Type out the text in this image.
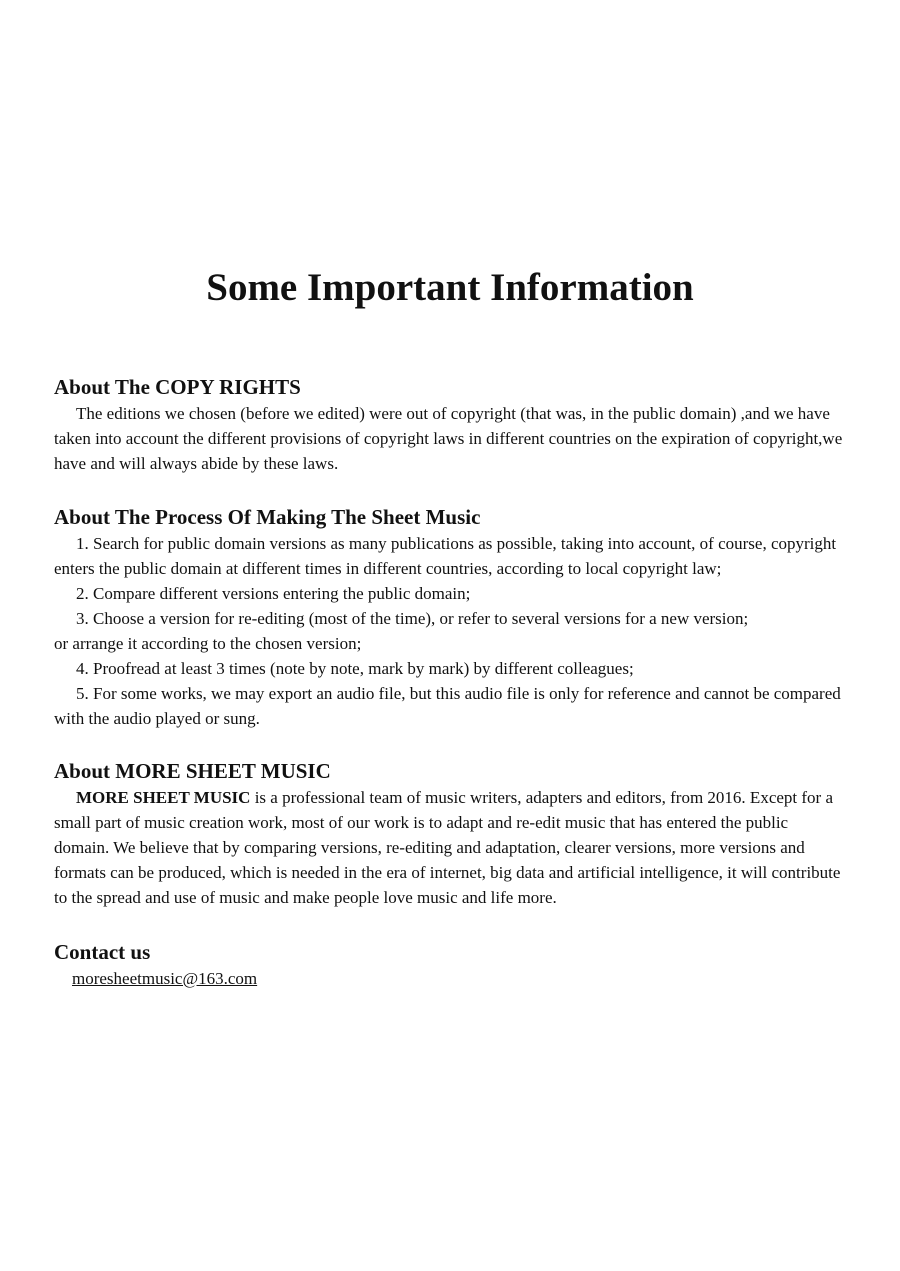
Some Important Information
About The COPY RIGHTS

The editions we chosen (before we edited) were out of copyright (that was, in the public domain) ,and we have taken into account the different provisions of copyright laws in different countries on the expiration of copyright,we have and will always abide by these laws.

About The Process Of Making The Sheet Music

1. Search for public domain versions as many publications as possible, taking into account, of course, copyright enters the public domain at different times in different countries, according to local copyright law;

2. Compare different versions entering the public domain;

3. Choose a version for re-editing (most of the time), or refer to several versions for a new version;

or arrange it according to the chosen version;

4. Proofread at least 3 times (note by note, mark by mark) by different colleagues;

5. For some works, we may export an audio file, but this audio file is only for reference and cannot be compared with the audio played or sung.

About MORE SHEET MUSIC

MORE SHEET MUSIC is a professional team of music writers, adapters and editors, from 2016. Except for a small part of music creation work, most of our work is to adapt and re-edit music that has entered the public domain. We believe that by comparing versions, re-editing and adaptation, clearer versions, more versions and formats can be produced, which is needed in the era of internet, big data and artificial intelligence, it will contribute to the spread and use of music and make people love music and life more.

Contact us
moresheetmusic@163.com
